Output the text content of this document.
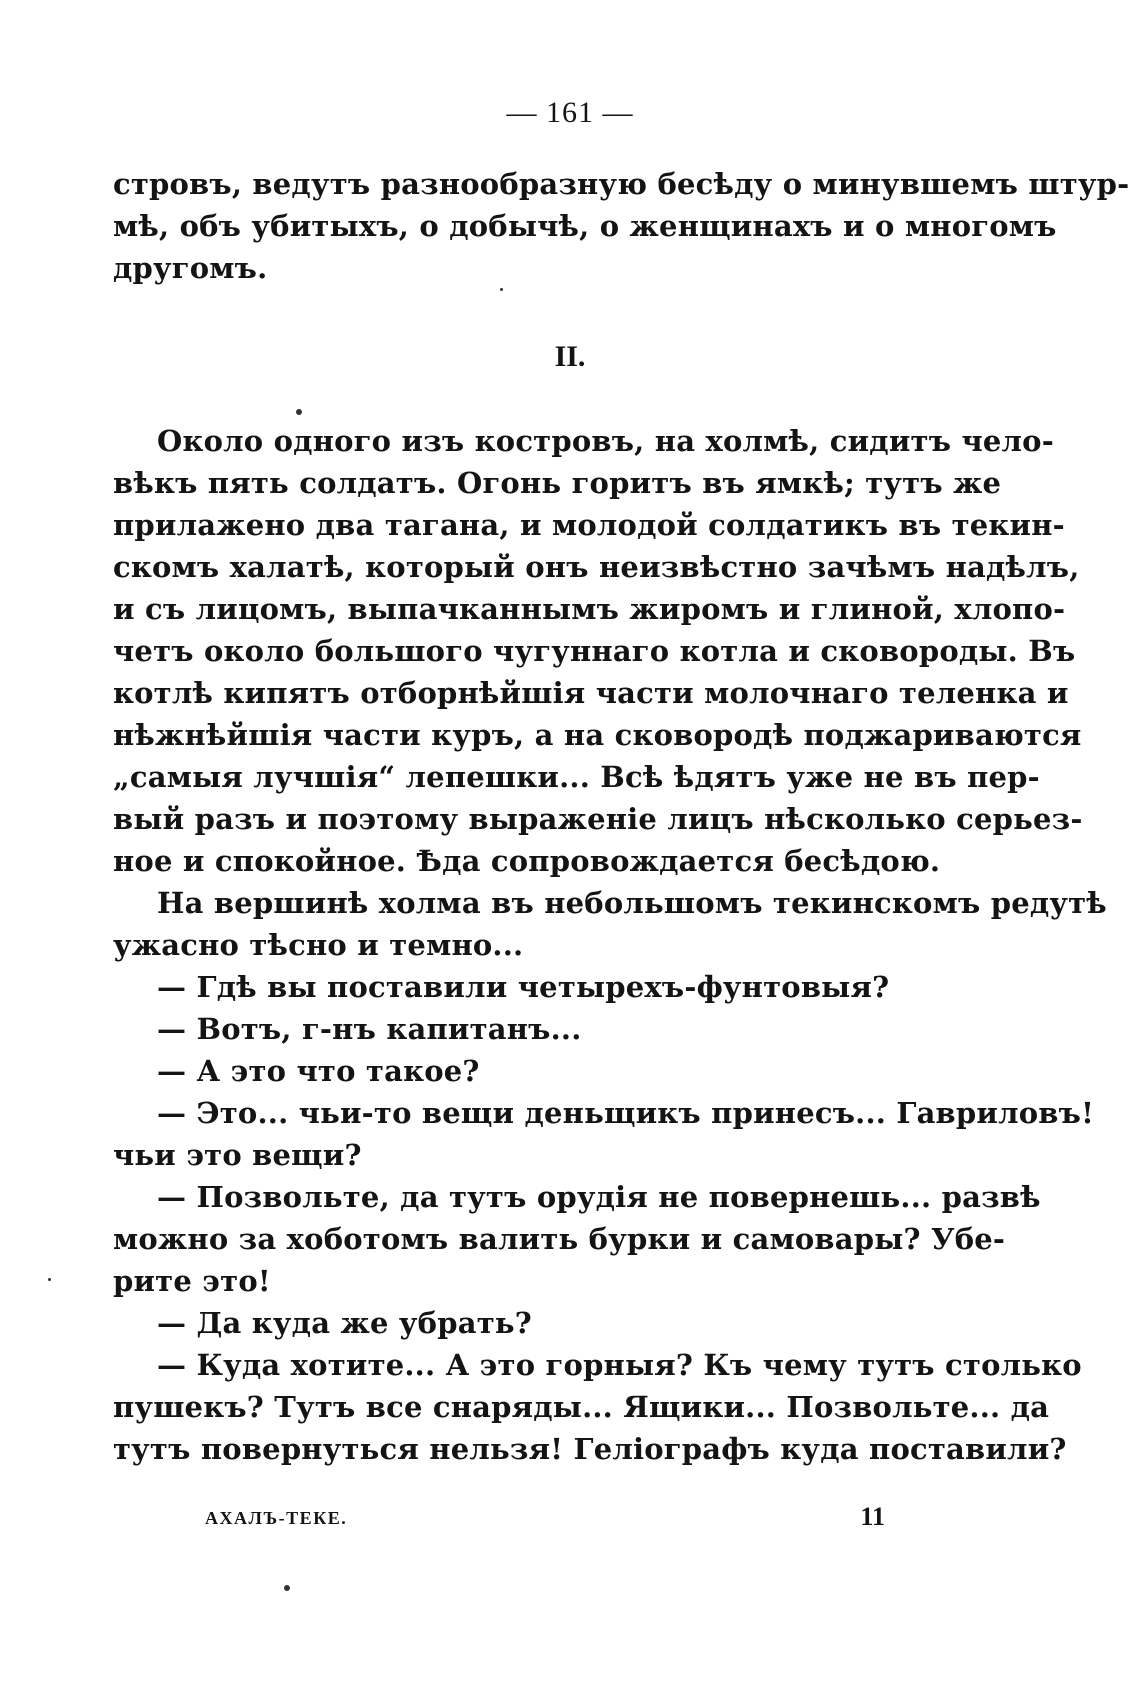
— 161 —
стровъ, ведутъ разнообразную бесѣду о минувшемъ штур-
мѣ, объ убитыхъ, о добычѣ, о женщинахъ и о многомъ
другомъ.
II.
Около одного изъ костровъ, на холмѣ, сидитъ чело-
вѣкъ пять солдатъ. Огонь горитъ въ ямкѣ; тутъ же
прилажено два тагана, и молодой солдатикъ въ текин-
скомъ халатѣ, который онъ неизвѣстно зачѣмъ надѣлъ,
и съ лицомъ, выпачканнымъ жиромъ и глиной, хлопо-
четъ около большого чугуннаго котла и сковороды. Въ
котлѣ кипятъ отборнѣйшія части молочнаго теленка и
нѣжнѣйшія части куръ, а на сковородѣ поджариваются
„самыя лучшія“ лепешки... Всѣ ѣдятъ уже не въ пер-
вый разъ и поэтому выраженіе лицъ нѣсколько серьез-
ное и спокойное. Ѣда сопровождается бесѣдою.
На вершинѣ холма въ небольшомъ текинскомъ редутѣ
ужасно тѣсно и темно...
— Гдѣ вы поставили четырехъ-фунтовыя?
— Вотъ, г-нъ капитанъ...
— А это что такое?
— Это... чьи-то вещи деньщикъ принесъ... Гавриловъ!
чьи это вещи?
— Позвольте, да тутъ орудія не повернешь... развѣ
можно за хоботомъ валить бурки и самовары? Убе-
рите это!
— Да куда же убрать?
— Куда хотите... А это горныя? Къ чему тутъ столько
пушекъ? Тутъ все снаряды... Ящики... Позвольте... да
тутъ повернуться нельзя! Геліографъ куда поставили?
АХАЛЪ-ТЕКЕ.	11
